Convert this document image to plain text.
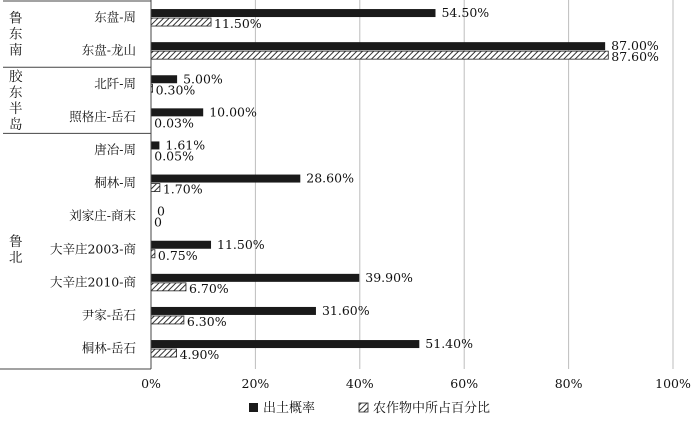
鲁东南
胶东半岛
鲁北
东盘-周
东盘-龙山
北阡-周
照格庄-岳石
唐冶-周
桐林-周
刘家庄-商末
大辛庄2003-商
大辛庄2010-商
尹家-岳石
桐林-岳石
54.50%
11.50%
87.00%
87.60%
5.00%
0.30%
10.00%
0.03%
1.61%
0.05%
28.60%
1.70%
0
0
11.50%
0.75%
39.90%
6.70%
31.60%
6.30%
51.40%
4.90%
0%	20%	40%	60%	80%	100%
出土概率	农作物中所占百分比
